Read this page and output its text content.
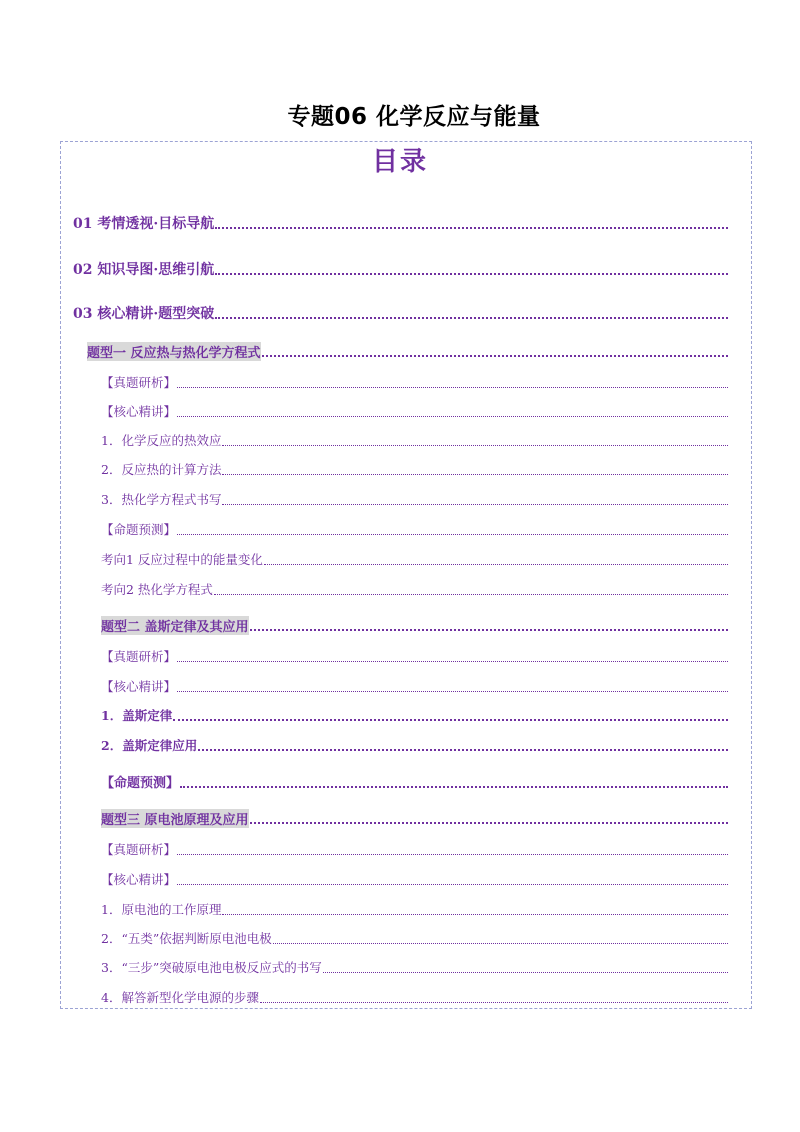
专题06 化学反应与能量
目录
01 考情透视·目标导航
02 知识导图·思维引航
03 核心精讲·题型突破
题型一 反应热与热化学方程式
【真题研析】
【核心精讲】
1．化学反应的热效应
2．反应热的计算方法
3．热化学方程式书写
【命题预测】
考向1 反应过程中的能量变化
考向2 热化学方程式
题型二 盖斯定律及其应用
【真题研析】
【核心精讲】
1．盖斯定律
2．盖斯定律应用
【命题预测】
题型三 原电池原理及应用
【真题研析】
【核心精讲】
1．原电池的工作原理
2．“五类”依据判断原电池电极
3．“三步”突破原电池电极反应式的书写
4．解答新型化学电源的步骤
